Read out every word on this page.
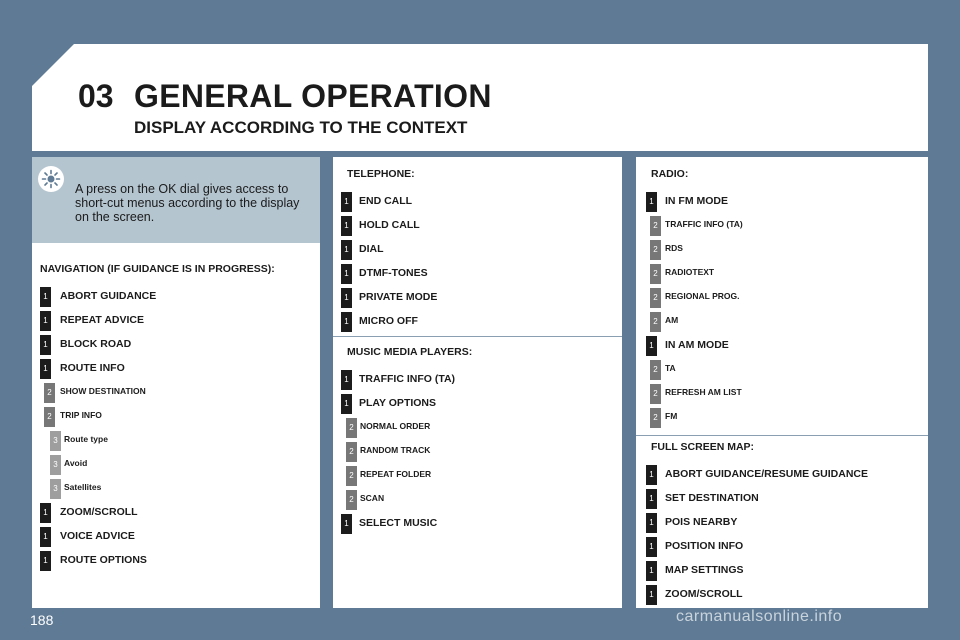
03 GENERAL OPERATION
DISPLAY ACCORDING TO THE CONTEXT
A press on the OK dial gives access to short-cut menus according to the display on the screen.
NAVIGATION (IF GUIDANCE IS IN PROGRESS):
1	ABORT GUIDANCE
1	REPEAT ADVICE
1	BLOCK ROAD
1	ROUTE INFO
2 SHOW DESTINATION
2 TRIP INFO
3 Route type
3 Avoid
3 Satellites
1	ZOOM/SCROLL
1	VOICE ADVICE
1	ROUTE OPTIONS
TELEPHONE:
1 END CALL
1 HOLD CALL
1 DIAL
1 DTMF-TONES
1 PRIVATE MODE
1 MICRO OFF
MUSIC MEDIA PLAYERS:
1 TRAFFIC INFO (TA)
1 PLAY OPTIONS
2 NORMAL ORDER
2 RANDOM TRACK
2 REPEAT FOLDER
2 SCAN
1 SELECT MUSIC
RADIO:
1	IN FM MODE
2 TRAFFIC INFO (TA)
2 RDS
2 RADIOTEXT
2 REGIONAL PROG.
2 AM
1	IN AM MODE
2 TA
2 REFRESH AM LIST
2 FM
FULL SCREEN MAP:
1	ABORT GUIDANCE/RESUME GUIDANCE
1	SET DESTINATION
1	POIS NEARBY
1	POSITION INFO
1	MAP SETTINGS
1	ZOOM/SCROLL
188	carmanualsonline.info
